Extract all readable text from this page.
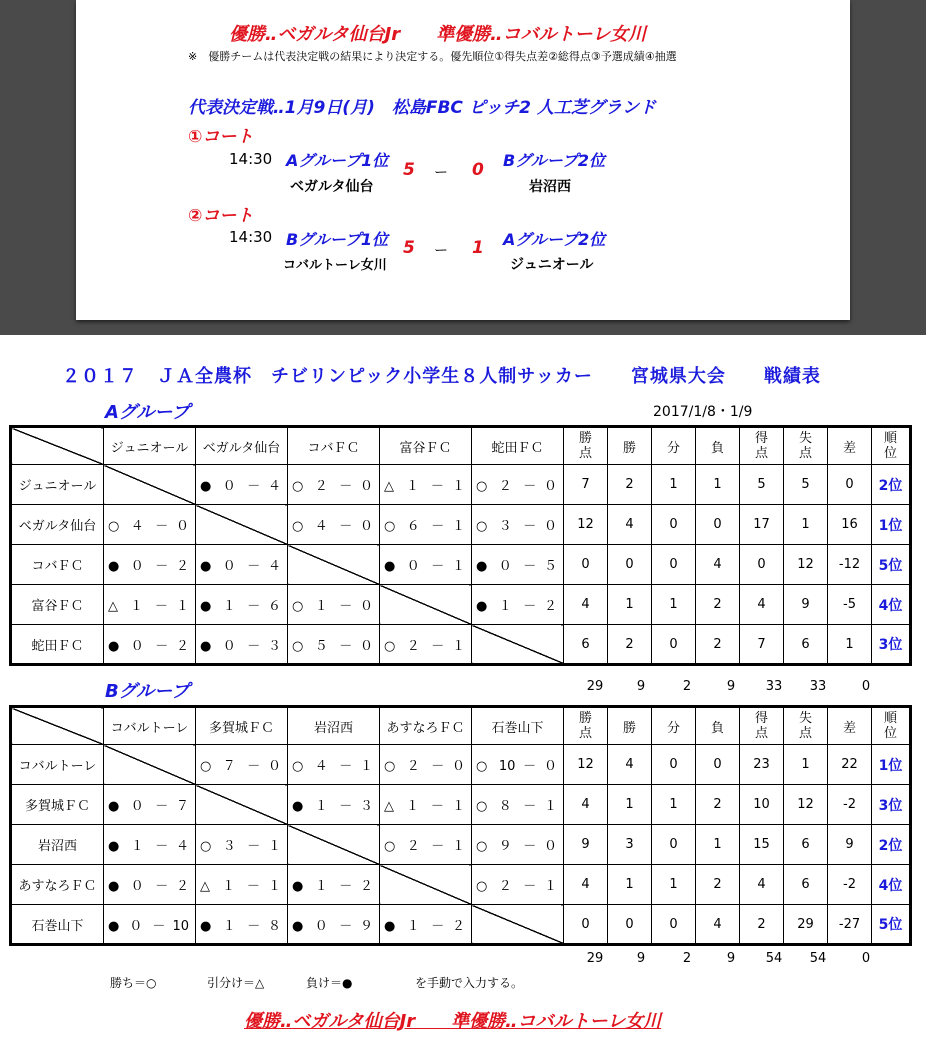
優勝‥ベガルタ仙台Jr　　準優勝‥コバルトーレ女川
※　優勝チームは代表決定戦の結果により決定する。優先順位①得失点差②総得点③予選成績④抽選
代表決定戦‥1月9日(月)　松島FBC ピッチ2 人工芝グランド
①コート
14:30 Aグループ1位	Bグループ2位
ベガルタ仙台	岩沼西
5 ー 0
②コート
14:30 Bグループ1位	Aグループ2位
コバルトーレ女川	ジュニオール
5 ー 1
２０１７　ＪＡ全農杯　チビリンピック小学生８人制サッカー　　宮城県大会　　戦績表
Aグループ	2017/1/8・1/9
	ジュニオール	ベガルタ仙台	コバＦＣ	富谷ＦＣ	蛇田ＦＣ	勝点	勝	分	負	得点	失点	差	順位
ジュニオール		● ０ － ４	○ ２ － ０	△ １ － １	○ ２ － ０	7	2	1	1	5	5	0	2位
ベガルタ仙台	○ ４ － ０		○ ４ － ０	○ ６ － １	○ ３ － ０	12	4	0	0	17	1	16	1位
コバＦＣ	● ０ － ２	● ０ － ４		● ０ － １	● ０ － ５	0	0	0	4	0	12	-12	5位
富谷ＦＣ	△ １ － １	● １ － ６	○ １ － ０		● １ － ２	4	1	1	2	4	9	-5	4位
蛇田ＦＣ	● ０ － ２	● ０ － ３	○ ５ － ０	○ ２ － １		6	2	0	2	7	6	1	3位
29	9	2	9	33	33	0
Bグループ
	コバルトーレ	多賀城ＦＣ	岩沼西	あすなろＦＣ	石巻山下	勝点	勝	分	負	得点	失点	差	順位
コバルトーレ		○ ７ － ０	○ ４ － １	○ ２ － ０	○ 10 － ０	12	4	0	0	23	1	22	1位
多賀城ＦＣ	● ０ － ７		● １ － ３	△ １ － １	○ ８ － １	4	1	1	2	10	12	-2	3位
岩沼西	● １ － ４	○ ３ － １		○ ２ － １	○ ９ － ０	9	3	0	1	15	6	9	2位
あすなろＦＣ	● ０ － ２	△ １ － １	● １ － ２		○ ２ － １	4	1	1	2	4	6	-2	4位
石巻山下	● ０ － 10	● １ － ８	● ０ － ９	● １ － ２		0	0	0	4	2	29	-27	5位
29	9	2	9	54	54	0
勝ち＝○	引分け＝△	負け＝●	を手動で入力する。
優勝‥ベガルタ仙台Jr　　準優勝‥コバルトーレ女川
